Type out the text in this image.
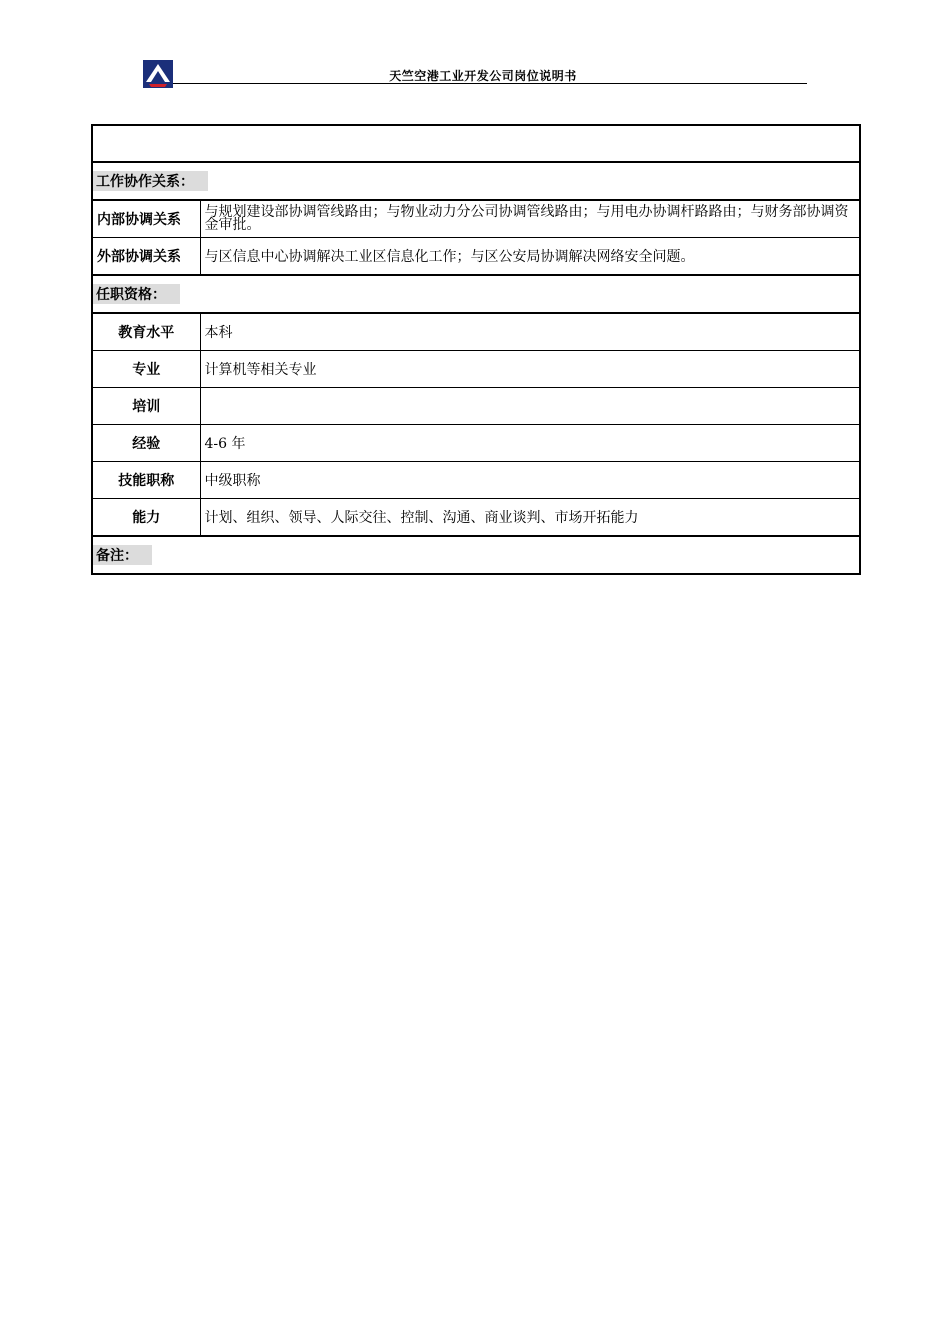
天竺空港工业开发公司岗位说明书

工作协作关系：	
内部协调关系	与规划建设部协调管线路由；与物业动力分公司协调管线路由；与用电办协调杆路路由；与财务部协调资金审批。
外部协调关系	与区信息中心协调解决工业区信息化工作；与区公安局协调解决网络安全问题。
任职资格：	
教育水平	本科
专业	计算机等相关专业
培训	
经验	4-6 年
技能职称	中级职称
能力	计划、组织、领导、人际交往、控制、沟通、商业谈判、市场开拓能力
备注：	
